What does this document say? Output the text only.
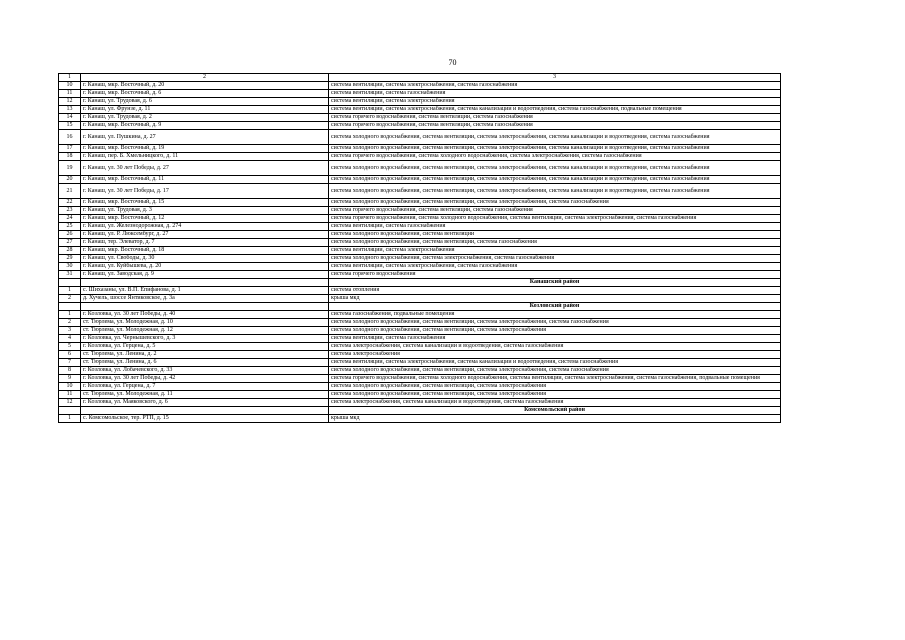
70
1	2	3
10	г. Канаш, мкр. Восточный, д. 20	система вентиляции, система электроснабжения, система газоснабжения
11	г. Канаш, мкр. Восточный, д. 6	система вентиляции, система газоснабжения
12	г. Канаш, ул. Трудовая, д. 6	система вентиляции, система электроснабжения
13	г. Канаш, ул. Фрунзе, д. 11	система вентиляции, система электроснабжения, система канализации и водоотведения, система газоснабжения, подвальные помещения
14	г. Канаш, ул. Трудовая, д. 2	система горячего водоснабжения, система вентиляции, система газоснабжения
15	г. Канаш, мкр. Восточный, д. 9	система горячего водоснабжения, система вентиляции, система газоснабжения
16	г. Канаш, ул. Пушкина, д. 27	система холодного водоснабжения, система вентиляции, система электроснабжения, система канализации и водоотведения, система газоснабжения
17	г. Канаш, мкр. Восточный, д. 19	система холодного водоснабжения, система вентиляции, система электроснабжения, система канализации и водоотведения, система газоснабжения
18	г. Канаш, пер. Б. Хмельницкого, д. 11	система горячего водоснабжения, система холодного водоснабжения, система электроснабжения, система газоснабжения
19	г. Канаш, ул. 30 лет Победы, д. 27	система холодного водоснабжения, система вентиляции, система электроснабжения, система канализации и водоотведения, система газоснабжения
20	г. Канаш, мкр. Восточный, д. 11	система холодного водоснабжения, система вентиляции, система электроснабжения, система канализации и водоотведения, система газоснабжения
21	г. Канаш, ул. 30 лет Победы, д. 17	система холодного водоснабжения, система вентиляции, система электроснабжения, система канализации и водоотведения, система газоснабжения
22	г. Канаш, мкр. Восточный, д. 15	система холодного водоснабжения, система вентиляции, система электроснабжения, система газоснабжения
23	г. Канаш, ул. Трудовая, д. 3	система горячего водоснабжения, система вентиляции, система газоснабжения
24	г. Канаш, мкр. Восточный, д. 12	система горячего водоснабжения, система холодного водоснабжения, система вентиляции, система электроснабжения, система газоснабжения
25	г. Канаш, ул. Железнодорожная, д. 274	система вентиляции, система газоснабжения
26	г. Канаш, ул. Р. Люксембург, д. 27	система холодного водоснабжения, система вентиляции
27	г. Канаш, тер. Элеватор, д. 7	система холодного водоснабжения, система вентиляции, система газоснабжения
28	г. Канаш, мкр. Восточный, д. 18	система вентиляции, система электроснабжения
29	г. Канаш, ул. Свободы, д. 30	система холодного водоснабжения, система электроснабжения, система газоснабжения
30	г. Канаш, ул. Куйбышева, д. 20	система вентиляции, система электроснабжения, система газоснабжения
31	г. Канаш, ул. Заводская, д. 9	система горячего водоснабжения
		Канашский район
1	с. Шихазаны, ул. В.П. Епифанова, д. 1	система отопления
2	д. Хучель, шоссе Янтиковское, д. 3а	крыша мкд
		Козловский район
1	г. Козловка, ул. 30 лет Победы, д. 40	система газоснабжения, подвальные помещения
2	ст. Тюрлема, ул. Молодежная, д. 10	система холодного водоснабжения, система вентиляции, система электроснабжения, система газоснабжения
3	ст. Тюрлема, ул. Молодежная, д. 12	система холодного водоснабжения, система вентиляции, система электроснабжения
4	г. Козловка, ул. Чернышевского, д. 3	система вентиляции, система газоснабжения
5	г. Козловка, ул. Герцена, д. 5	система электроснабжения, система канализации и водоотведения, система газоснабжения
6	ст. Тюрлема, ул. Ленина, д. 2	система электроснабжения
7	ст. Тюрлема, ул. Ленина, д. 6	система вентиляции, система электроснабжения, система канализации и водоотведения, система газоснабжения
8	г. Козловка, ул. Лобачевского, д. 33	система холодного водоснабжения, система вентиляции, система электроснабжения, система газоснабжения
9	г. Козловка, ул. 30 лет Победы, д. 42	система горячего водоснабжения, система холодного водоснабжения, система вентиляции, система электроснабжения, система газоснабжения, подвальные помещения
10	г. Козловка, ул. Герцена, д. 7	система холодного водоснабжения, система вентиляции, система электроснабжения
11	ст. Тюрлема, ул. Молодежная, д. 11	система холодного водоснабжения, система вентиляции, система электроснабжения
12	г. Козловка, ул. Маяковского, д. 6	система электроснабжения, система канализации и водоотведения, система газоснабжения
		Комсомольский район
1	с. Комсомольское, тер. РТП, д. 15	крыша мкд
